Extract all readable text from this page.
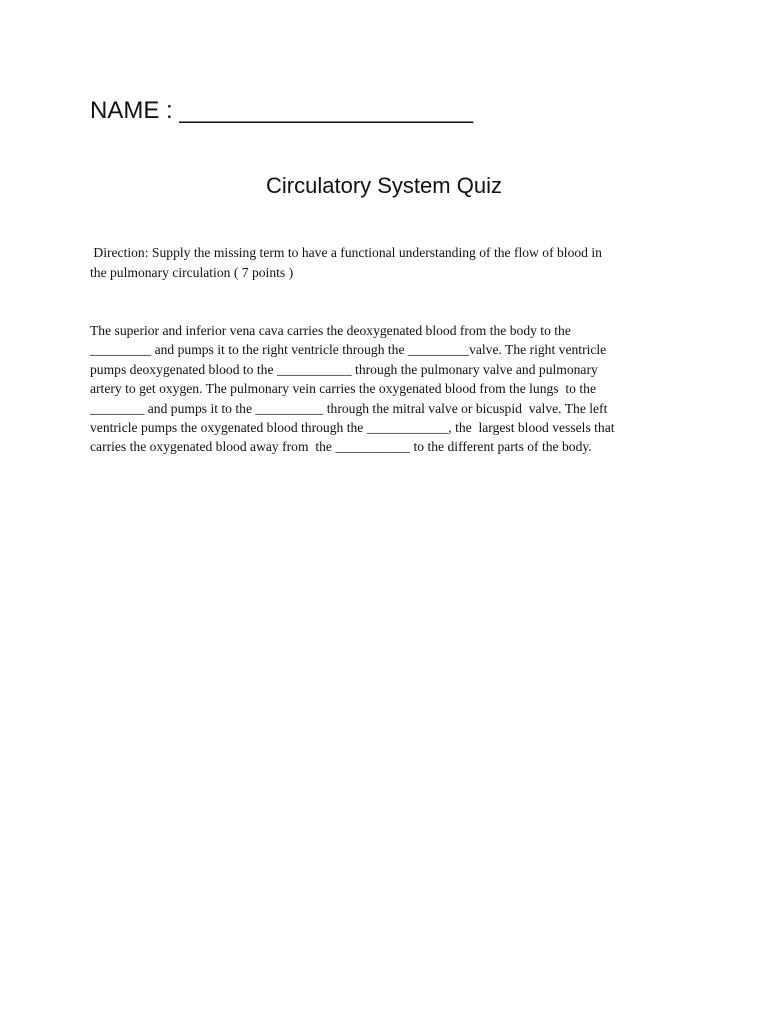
NAME : ______________________
Circulatory System Quiz
Direction: Supply the missing term to have a functional understanding of the flow of blood in
the pulmonary circulation ( 7 points )
The superior and inferior vena cava carries the deoxygenated blood from the body to the
_________ and pumps it to the right ventricle through the _________valve. The right ventricle
pumps deoxygenated blood to the ___________ through the pulmonary valve and pulmonary
artery to get oxygen. The pulmonary vein carries the oxygenated blood from the lungs  to the
________ and pumps it to the __________ through the mitral valve or bicuspid  valve. The left
ventricle pumps the oxygenated blood through the ____________, the  largest blood vessels that
carries the oxygenated blood away from  the ___________ to the different parts of the body.
